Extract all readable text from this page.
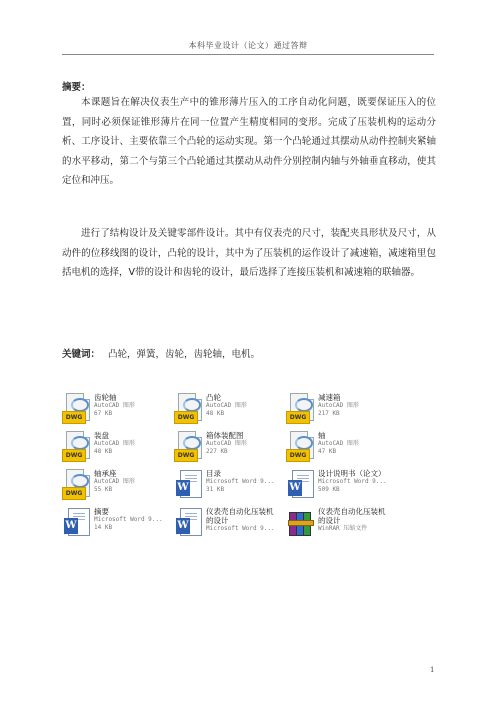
本科毕业设计（论文）通过答辩
摘要：

本课题旨在解决仪表生产中的锥形薄片压入的工序自动化问题，既要保证压入的位置，同时必须保证锥形薄片在同一位置产生精度相同的变形。完成了压装机构的运动分析、工序设计、主要依靠三个凸轮的运动实现。第一个凸轮通过其摆动从动件控制夹紧轴的水平移动，第二个与第三个凸轮通过其摆动从动件分别控制内轴与外轴垂直移动，使其定位和冲压。

进行了结构设计及关键零部件设计。其中有仪表壳的尺寸，装配夹具形状及尺寸，从动件的位移线图的设计，凸轮的设计，其中为了压装机的运作设计了减速箱，减速箱里包括电机的选择，V带的设计和齿轮的设计，最后选择了连接压装机和减速箱的联轴器。

关键词： 凸轮，弹簧，齿轮，齿轮轴，电机。
DWG
齿轮轴
AutoCAD 图形
67 KB
DWG
凸轮
AutoCAD 图形
48 KB
DWG
减速箱
AutoCAD 图形
217 KB
DWG
装盘
AutoCAD 图形
48 KB
DWG
箱体装配图
AutoCAD 图形
227 KB
DWG
轴
AutoCAD 图形
47 KB
DWG
轴承座
AutoCAD 图形
55 KB	W
目录
Microsoft Word 9...
31 KB	W
设计说明书（论文）
Microsoft Word 9...
509 KB
W
摘要
Microsoft Word 9...
14 KB	W
仪表壳自动化压装机
的设计
Microsoft Word 9...
仪表壳自动化压装机
的设计
WinRAR 压缩文件
1
